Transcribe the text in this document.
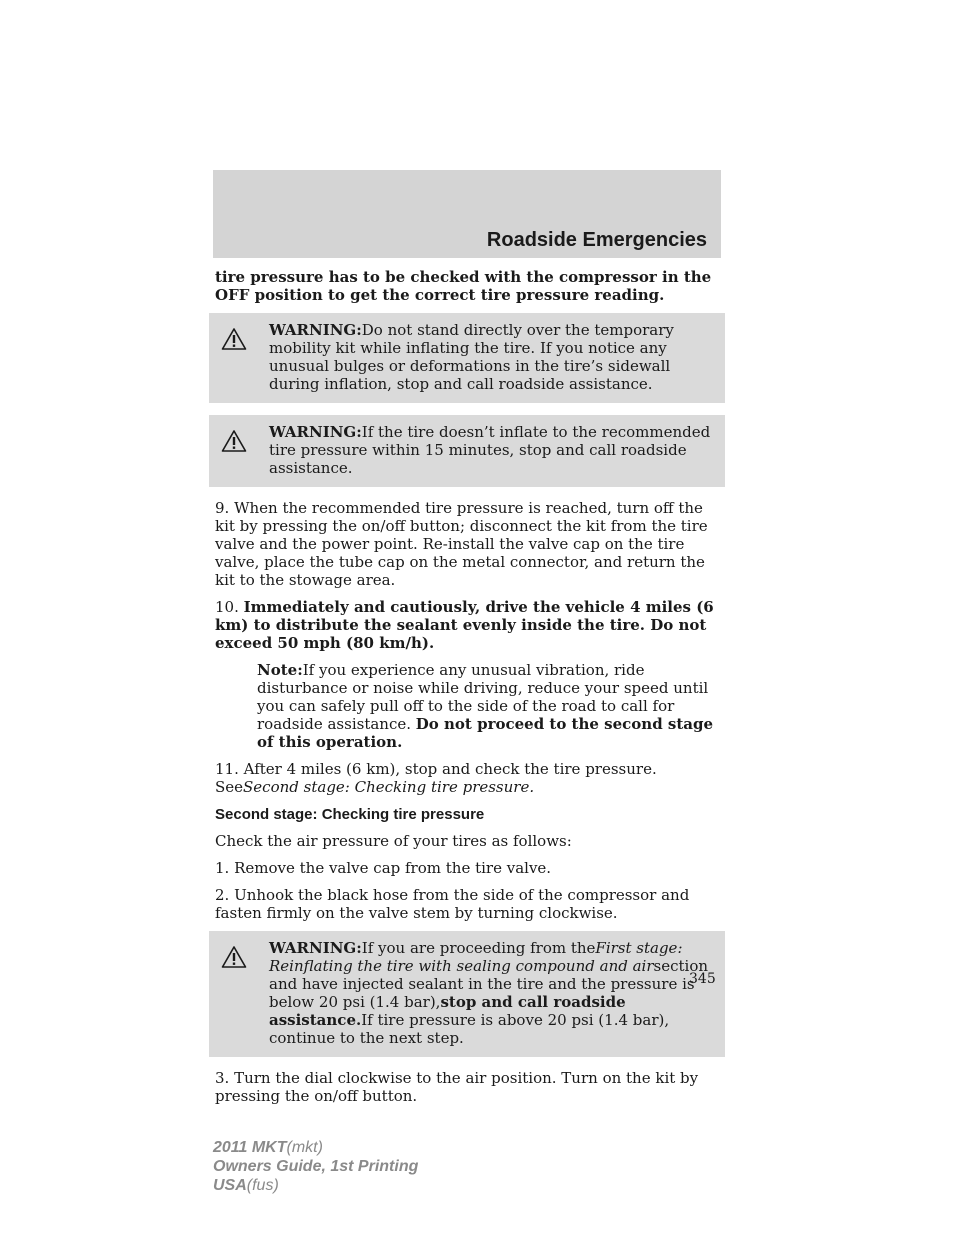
Roadside Emergencies

tire pressure has to be checked with the compressor in the OFF position to get the correct tire pressure reading.

WARNING:Do not stand directly over the temporary mobility kit while inflating the tire. If you notice any unusual bulges or deformations in the tire’s sidewall during inflation, stop and call roadside assistance.
WARNING:If the tire doesn’t inflate to the recommended tire pressure within 15 minutes, stop and call roadside assistance.

9. When the recommended tire pressure is reached, turn off the kit by pressing the on/off button; disconnect the kit from the tire valve and the power point. Re-install the valve cap on the tire valve, place the tube cap on the metal connector, and return the kit to the stowage area.

10. Immediately and cautiously, drive the vehicle 4 miles (6 km) to distribute the sealant evenly inside the tire. Do not exceed 50 mph (80 km/h).

Note:If you experience any unusual vibration, ride disturbance or noise while driving, reduce your speed until you can safely pull off to the side of the road to call for roadside assistance. Do not proceed to the second stage of this operation.

11. After 4 miles (6 km), stop and check the tire pressure. SeeSecond stage: Checking tire pressure.

Second stage: Checking tire pressure

Check the air pressure of your tires as follows:

1. Remove the valve cap from the tire valve.

2. Unhook the black hose from the side of the compressor and fasten firmly on the valve stem by turning clockwise.

WARNING:If you are proceeding from theFirst stage: Reinflating the tire with sealing compound and airsection and have injected sealant in the tire and the pressure is below 20 psi (1.4 bar),stop and call roadside assistance.If tire pressure is above 20 psi (1.4 bar), continue to the next step.

3. Turn the dial clockwise to the air position. Turn on the kit by pressing the on/off button.

345
2011 MKT(mkt)
Owners Guide, 1st Printing
USA(fus)
